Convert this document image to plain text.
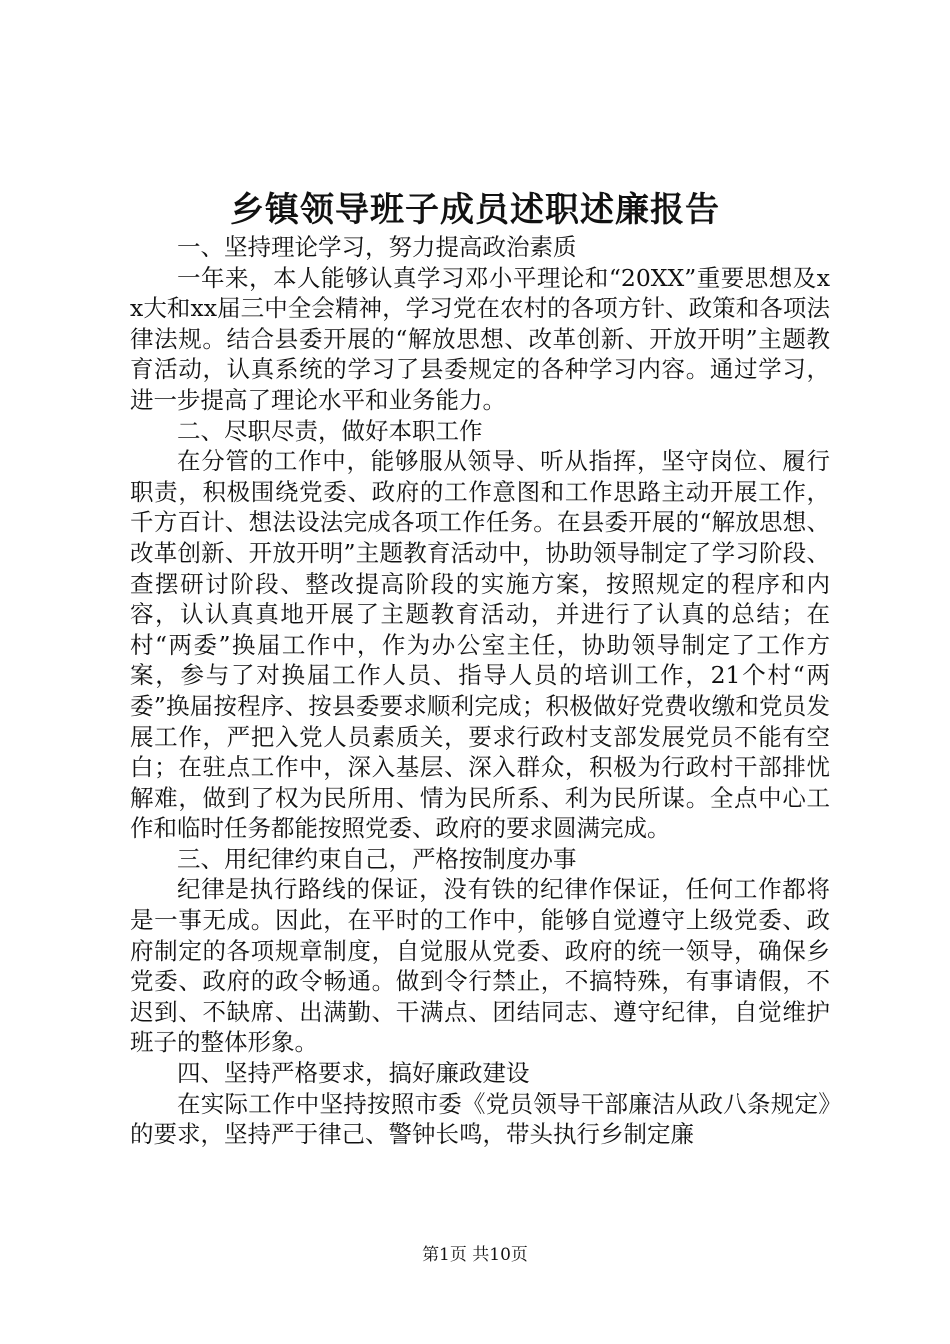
乡镇领导班子成员述职述廉报告

一、坚持理论学习，努力提高政治素质

一年来，本人能够认真学习邓小平理论和“20XX”重要思想及xx大和xx届三中全会精神，学习党在农村的各项方针、政策和各项法律法规。结合县委开展的“解放思想、改革创新、开放开明”主题教育活动，认真系统的学习了县委规定的各种学习内容。通过学习，进一步提高了理论水平和业务能力。

二、尽职尽责，做好本职工作

在分管的工作中，能够服从领导、听从指挥，坚守岗位、履行职责，积极围绕党委、政府的工作意图和工作思路主动开展工作，千方百计、想法设法完成各项工作任务。在县委开展的“解放思想、改革创新、开放开明”主题教育活动中，协助领导制定了学习阶段、查摆研讨阶段、整改提高阶段的实施方案，按照规定的程序和内容，认认真真地开展了主题教育活动，并进行了认真的总结；在村“两委”换届工作中，作为办公室主任，协助领导制定了工作方案，参与了对换届工作人员、指导人员的培训工作，21个村“两委”换届按程序、按县委要求顺利完成；积极做好党费收缴和党员发展工作，严把入党人员素质关，要求行政村支部发展党员不能有空白；在驻点工作中，深入基层、深入群众，积极为行政村干部排忧解难，做到了权为民所用、情为民所系、利为民所谋。全点中心工作和临时任务都能按照党委、政府的要求圆满完成。

三、用纪律约束自己，严格按制度办事

纪律是执行路线的保证，没有铁的纪律作保证，任何工作都将是一事无成。因此，在平时的工作中，能够自觉遵守上级党委、政府制定的各项规章制度，自觉服从党委、政府的统一领导，确保乡党委、政府的政令畅通。做到令行禁止，不搞特殊，有事请假，不迟到、不缺席、出满勤、干满点、团结同志、遵守纪律，自觉维护班子的整体形象。

四、坚持严格要求，搞好廉政建设

在实际工作中坚持按照市委《党员领导干部廉洁从政八条规定》的要求，坚持严于律己、警钟长鸣，带头执行乡制定廉

第1页 共10页
